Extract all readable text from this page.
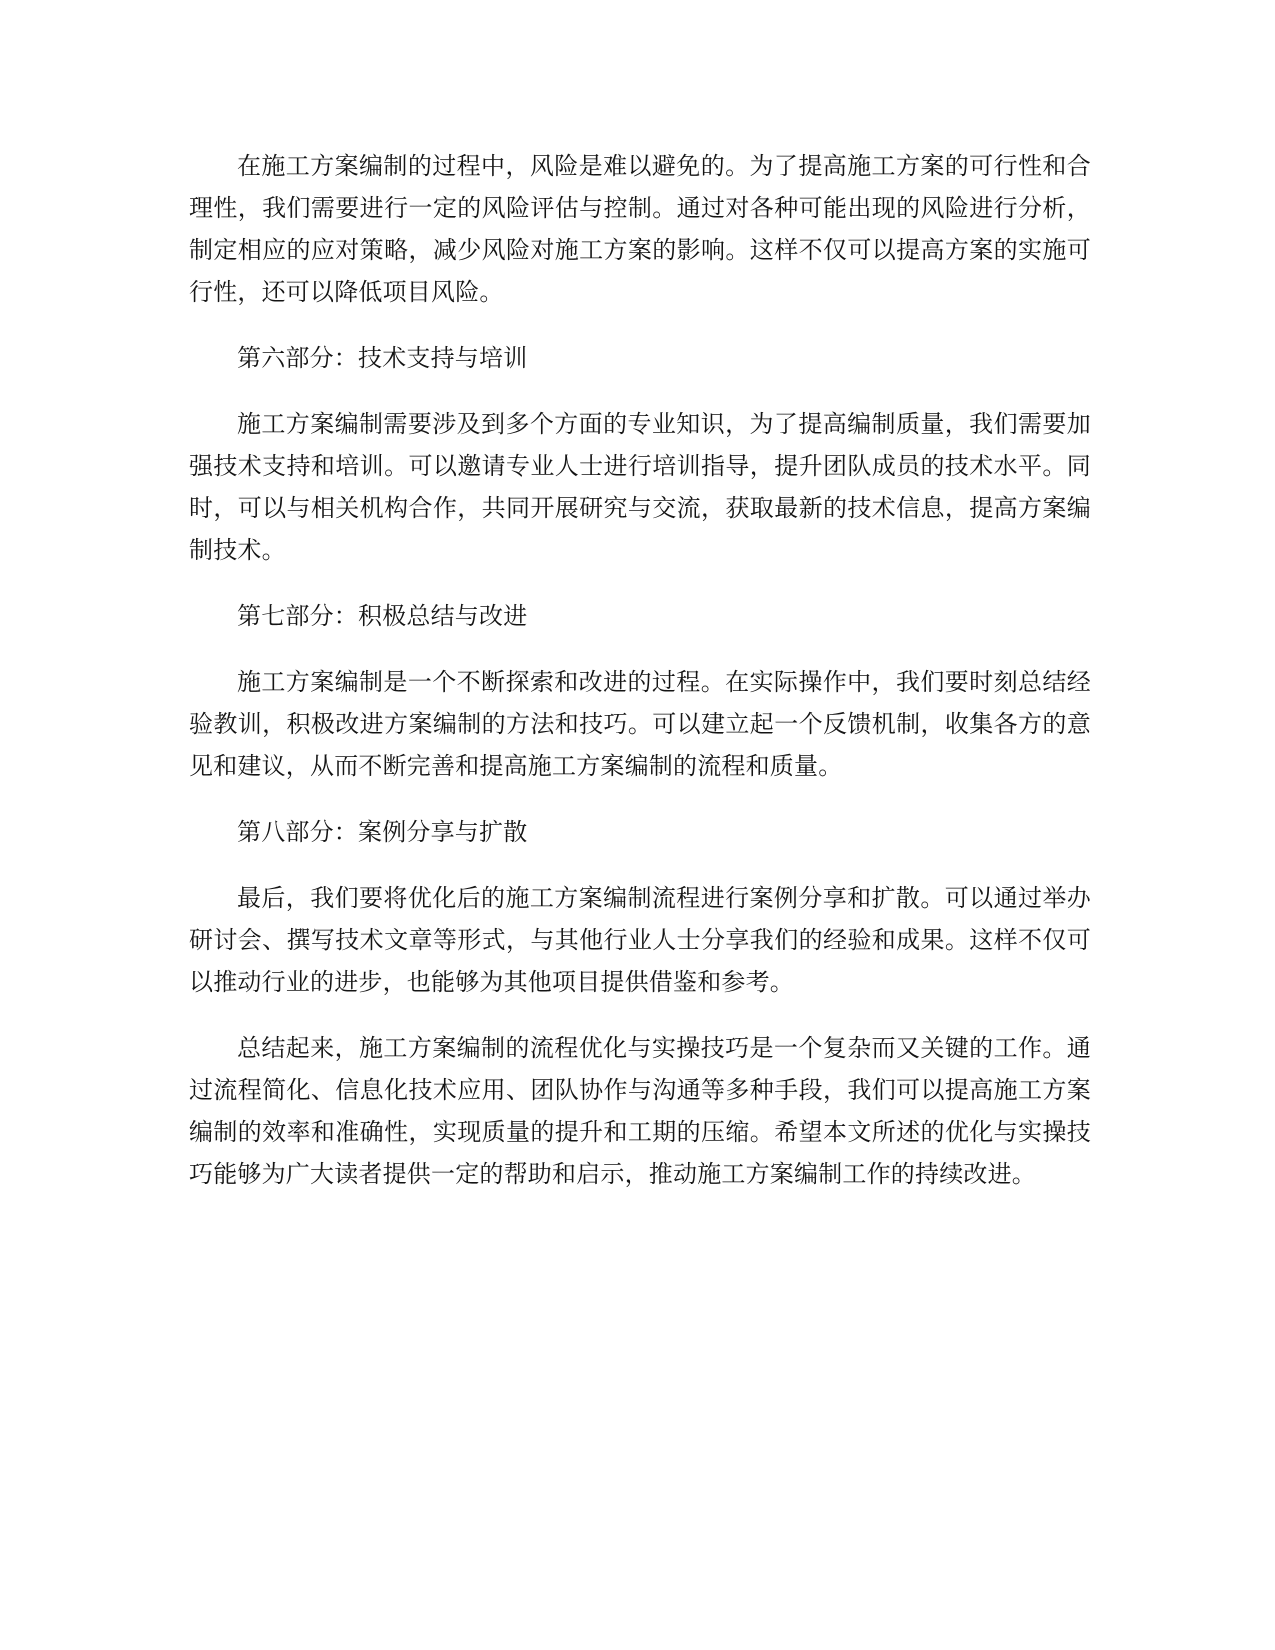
在施工方案编制的过程中，风险是难以避免的。为了提高施工方案的可行性和合理性，我们需要进行一定的风险评估与控制。通过对各种可能出现的风险进行分析，制定相应的应对策略，减少风险对施工方案的影响。这样不仅可以提高方案的实施可行性，还可以降低项目风险。

第六部分：技术支持与培训

施工方案编制需要涉及到多个方面的专业知识，为了提高编制质量，我们需要加强技术支持和培训。可以邀请专业人士进行培训指导，提升团队成员的技术水平。同时，可以与相关机构合作，共同开展研究与交流，获取最新的技术信息，提高方案编制技术。

第七部分：积极总结与改进

施工方案编制是一个不断探索和改进的过程。在实际操作中，我们要时刻总结经验教训，积极改进方案编制的方法和技巧。可以建立起一个反馈机制，收集各方的意见和建议，从而不断完善和提高施工方案编制的流程和质量。

第八部分：案例分享与扩散

最后，我们要将优化后的施工方案编制流程进行案例分享和扩散。可以通过举办研讨会、撰写技术文章等形式，与其他行业人士分享我们的经验和成果。这样不仅可以推动行业的进步，也能够为其他项目提供借鉴和参考。

总结起来，施工方案编制的流程优化与实操技巧是一个复杂而又关键的工作。通过流程简化、信息化技术应用、团队协作与沟通等多种手段，我们可以提高施工方案编制的效率和准确性，实现质量的提升和工期的压缩。希望本文所述的优化与实操技巧能够为广大读者提供一定的帮助和启示，推动施工方案编制工作的持续改进。
